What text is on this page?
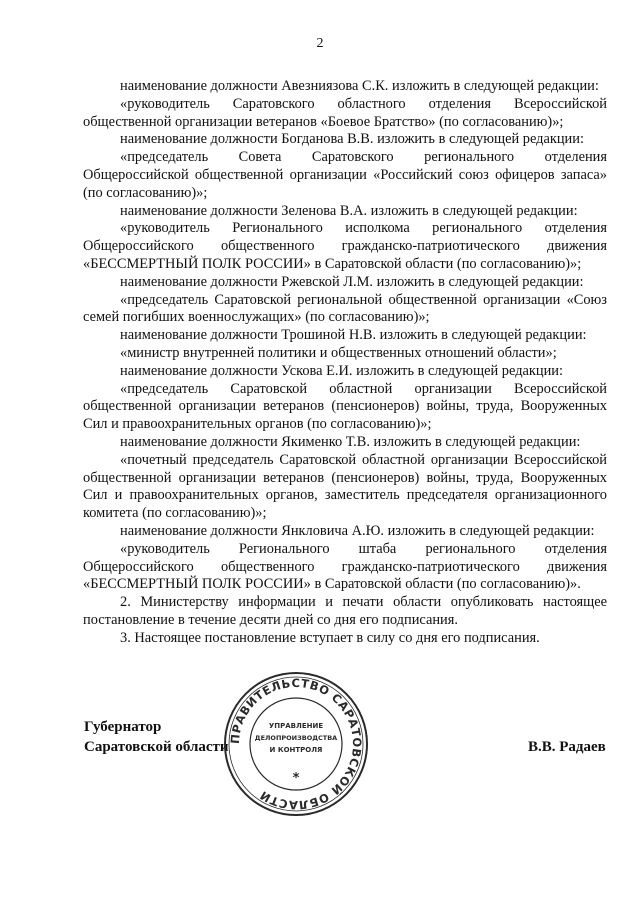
2

наименование должности Авезниязова С.К. изложить в следующей редакции:

«руководитель Саратовского областного отделения Всероссийской общественной организации ветеранов «Боевое Братство» (по согласованию)»;

наименование должности Богданова В.В. изложить в следующей редакции:

«председатель Совета Саратовского регионального отделения Общероссийской общественной организации «Российский союз офицеров запаса» (по согласованию)»;

наименование должности Зеленова В.А. изложить в следующей редакции:

«руководитель Регионального исполкома регионального отделения Общероссийского общественного гражданско-патриотического движения «БЕССМЕРТНЫЙ ПОЛК РОССИИ» в Саратовской области (по согласованию)»;

наименование должности Ржевской Л.М. изложить в следующей редакции:

«председатель Саратовской региональной общественной организации «Союз семей погибших военнослужащих» (по согласованию)»;

наименование должности Трошиной Н.В. изложить в следующей редакции:

«министр внутренней политики и общественных отношений области»;

наименование должности Ускова Е.И. изложить в следующей редакции:

«председатель Саратовской областной организации Всероссийской общественной организации ветеранов (пенсионеров) войны, труда, Вооруженных Сил и правоохранительных органов (по согласованию)»;

наименование должности Якименко Т.В. изложить в следующей редакции:

«почетный председатель Саратовской областной организации Всероссийской общественной организации ветеранов (пенсионеров) войны, труда, Вооруженных Сил и правоохранительных органов, заместитель председателя организационного комитета (по согласованию)»;

наименование должности Янкловича А.Ю. изложить в следующей редакции:

«руководитель Регионального штаба регионального отделения Общероссийского общественного гражданско-патриотического движения «БЕССМЕРТНЫЙ ПОЛК РОССИИ» в Саратовской области (по согласованию)».

2. Министерству информации и печати области опубликовать настоящее постановление в течение десяти дней со дня его подписания.

3. Настоящее постановление вступает в силу со дня его подписания.

Губернатор
Саратовской области	В.В. Радаев
ПРАВИТЕЛЬСТВО САРАТОВСКОЙ ОБЛАСТИ
УПРАВЛЕНИЕ
ДЕЛОПРОИЗВОДСТВА
И КОНТРОЛЯ
*
